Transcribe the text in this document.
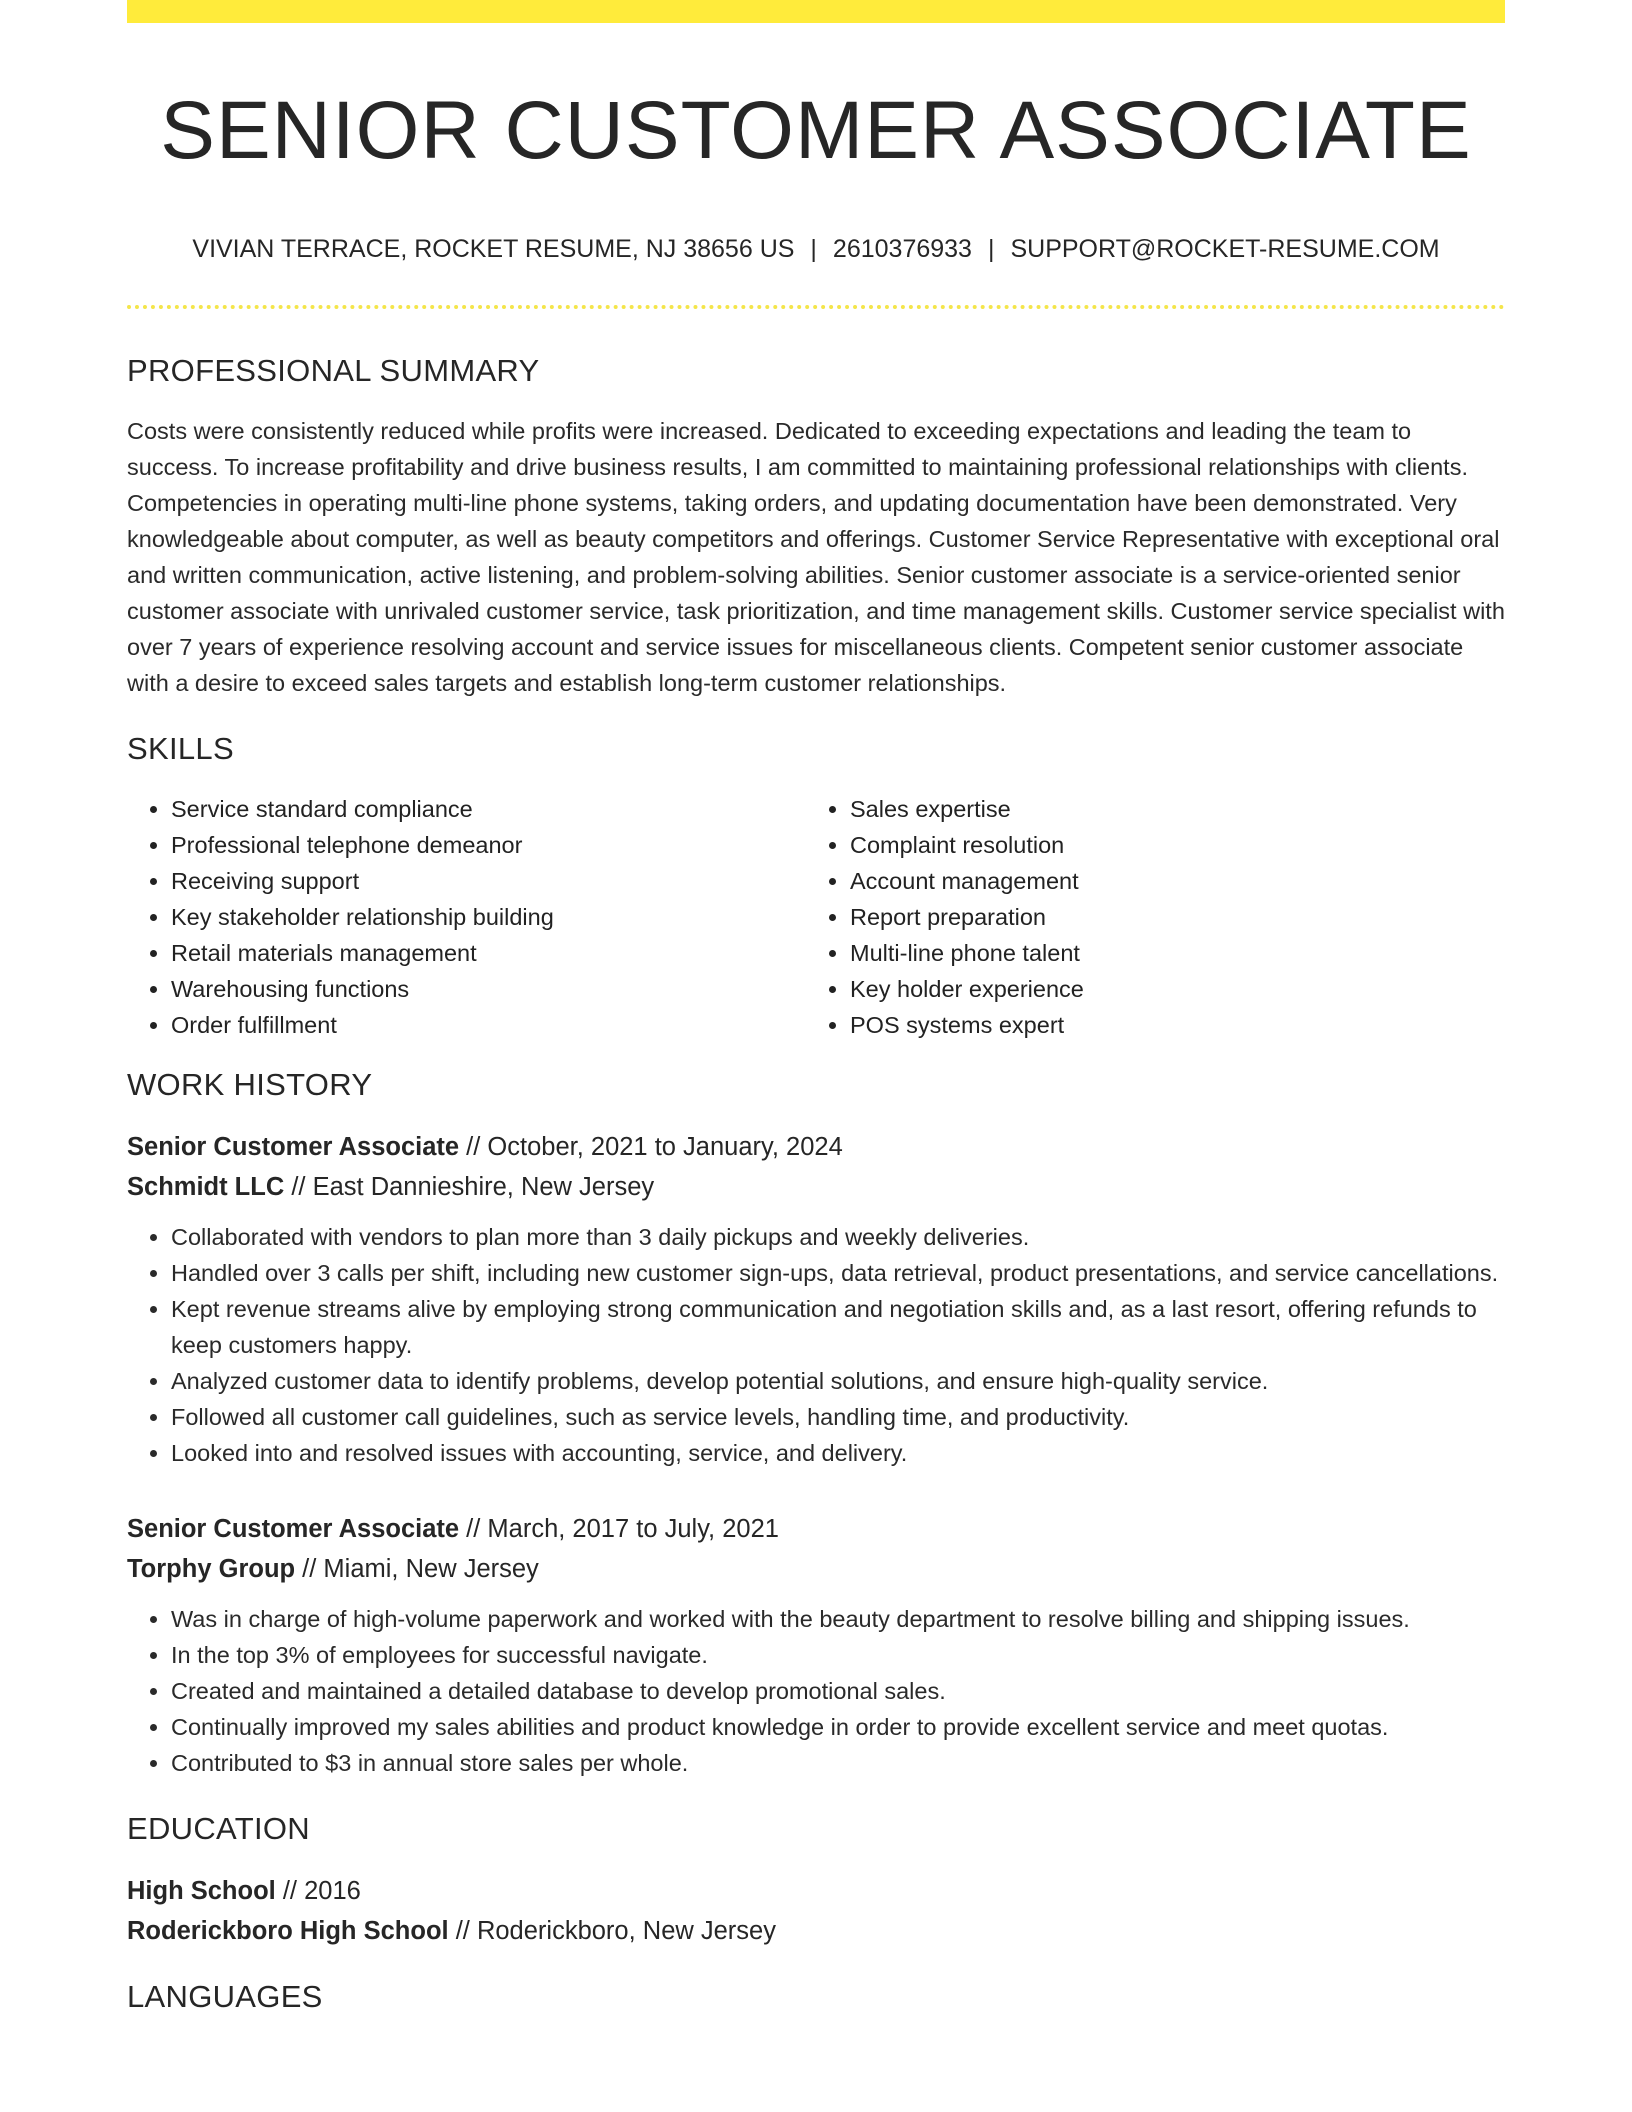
SENIOR CUSTOMER ASSOCIATE
VIVIAN TERRACE, ROCKET RESUME, NJ 38656 US | 2610376933 | SUPPORT@ROCKET-RESUME.COM
PROFESSIONAL SUMMARY
Costs were consistently reduced while profits were increased. Dedicated to exceeding expectations and leading the team to success. To increase profitability and drive business results, I am committed to maintaining professional relationships with clients. Competencies in operating multi-line phone systems, taking orders, and updating documentation have been demonstrated. Very knowledgeable about computer, as well as beauty competitors and offerings. Customer Service Representative with exceptional oral and written communication, active listening, and problem-solving abilities. Senior customer associate is a service-oriented senior customer associate with unrivaled customer service, task prioritization, and time management skills. Customer service specialist with over 7 years of experience resolving account and service issues for miscellaneous clients. Competent senior customer associate with a desire to exceed sales targets and establish long-term customer relationships.
SKILLS
• Service standard compliance
• Professional telephone demeanor
• Receiving support
• Key stakeholder relationship building
• Retail materials management
• Warehousing functions
• Order fulfillment
• Sales expertise
• Complaint resolution
• Account management
• Report preparation
• Multi-line phone talent
• Key holder experience
• POS systems expert
WORK HISTORY
Senior Customer Associate // October, 2021 to January, 2024
Schmidt LLC // East Dannieshire, New Jersey
• Collaborated with vendors to plan more than 3 daily pickups and weekly deliveries.
• Handled over 3 calls per shift, including new customer sign-ups, data retrieval, product presentations, and service cancellations.
• Kept revenue streams alive by employing strong communication and negotiation skills and, as a last resort, offering refunds to keep customers happy.
• Analyzed customer data to identify problems, develop potential solutions, and ensure high-quality service.
• Followed all customer call guidelines, such as service levels, handling time, and productivity.
• Looked into and resolved issues with accounting, service, and delivery.
Senior Customer Associate // March, 2017 to July, 2021
Torphy Group // Miami, New Jersey
• Was in charge of high-volume paperwork and worked with the beauty department to resolve billing and shipping issues.
• In the top 3% of employees for successful navigate.
• Created and maintained a detailed database to develop promotional sales.
• Continually improved my sales abilities and product knowledge in order to provide excellent service and meet quotas.
• Contributed to $3 in annual store sales per whole.
EDUCATION
High School // 2016
Roderickboro High School // Roderickboro, New Jersey
LANGUAGES
